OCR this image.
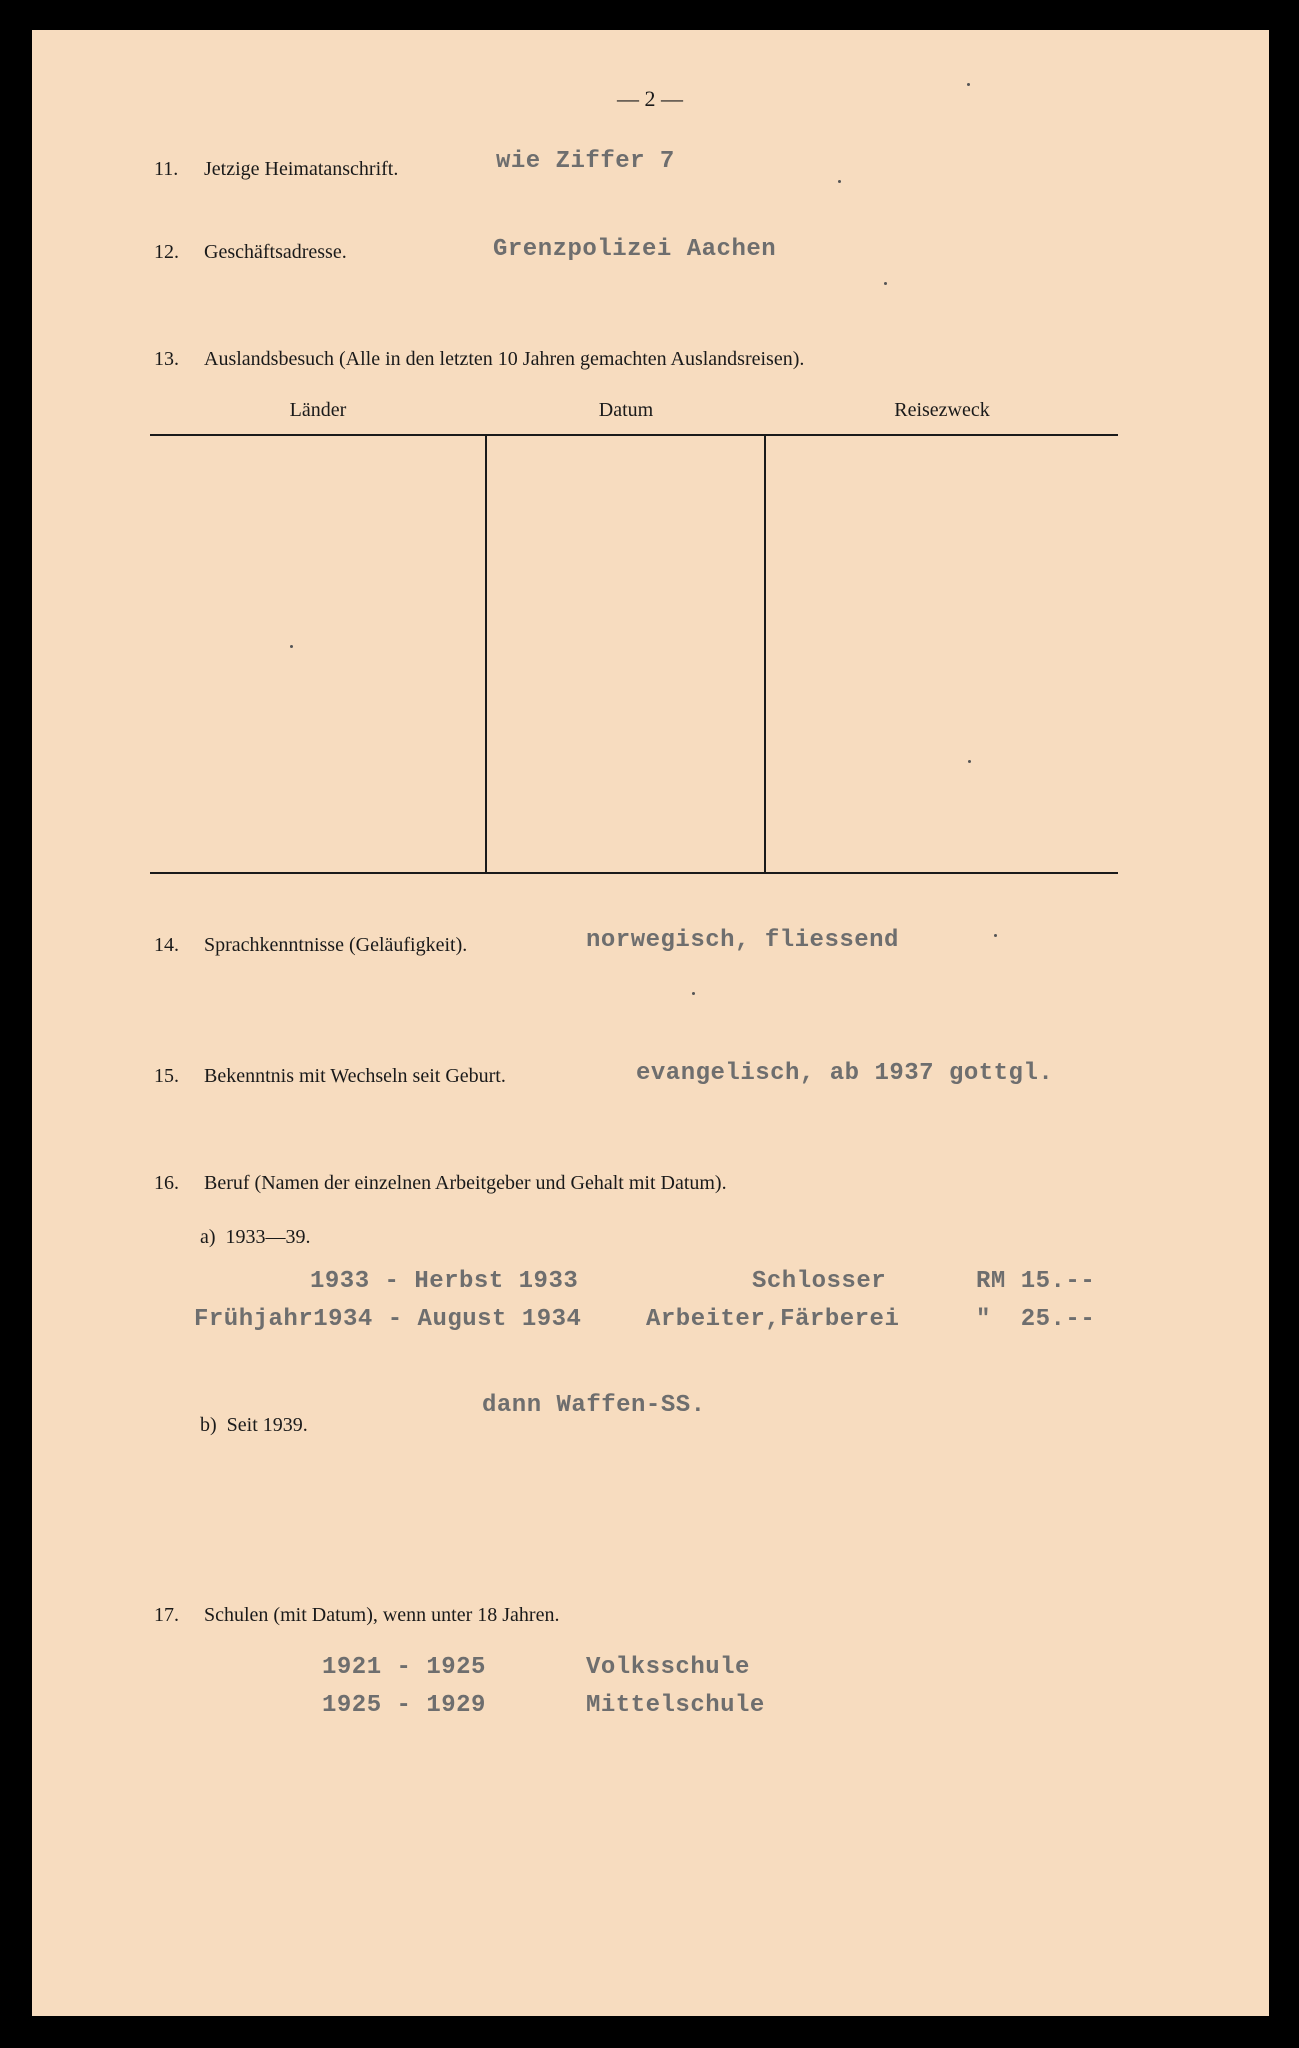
— 2 —
11. Jetzige Heimatanschrift.	wie Ziffer 7
12. Geschäftsadresse.	Grenzpolizei Aachen
13. Auslandsbesuch (Alle in den letzten 10 Jahren gemachten Auslandsreisen).
Länder	Datum	Reisezweck
14. Sprachkenntnisse (Geläufigkeit).	norwegisch, fliessend
15. Bekenntnis mit Wechseln seit Geburt.	evangelisch, ab 1937 gottgl.
16. Beruf (Namen der einzelnen Arbeitgeber und Gehalt mit Datum).
a)  1933—39.
1933 - Herbst 1933	Schlosser	RM 15.--
Frühjahr1934 - August 1934	Arbeiter,Färberei	"  25.--
b)  Seit 1939.
dann Waffen-SS.
17. Schulen (mit Datum), wenn unter 18 Jahren.
1921 - 1925	Volksschule
1925 - 1929	Mittelschule
